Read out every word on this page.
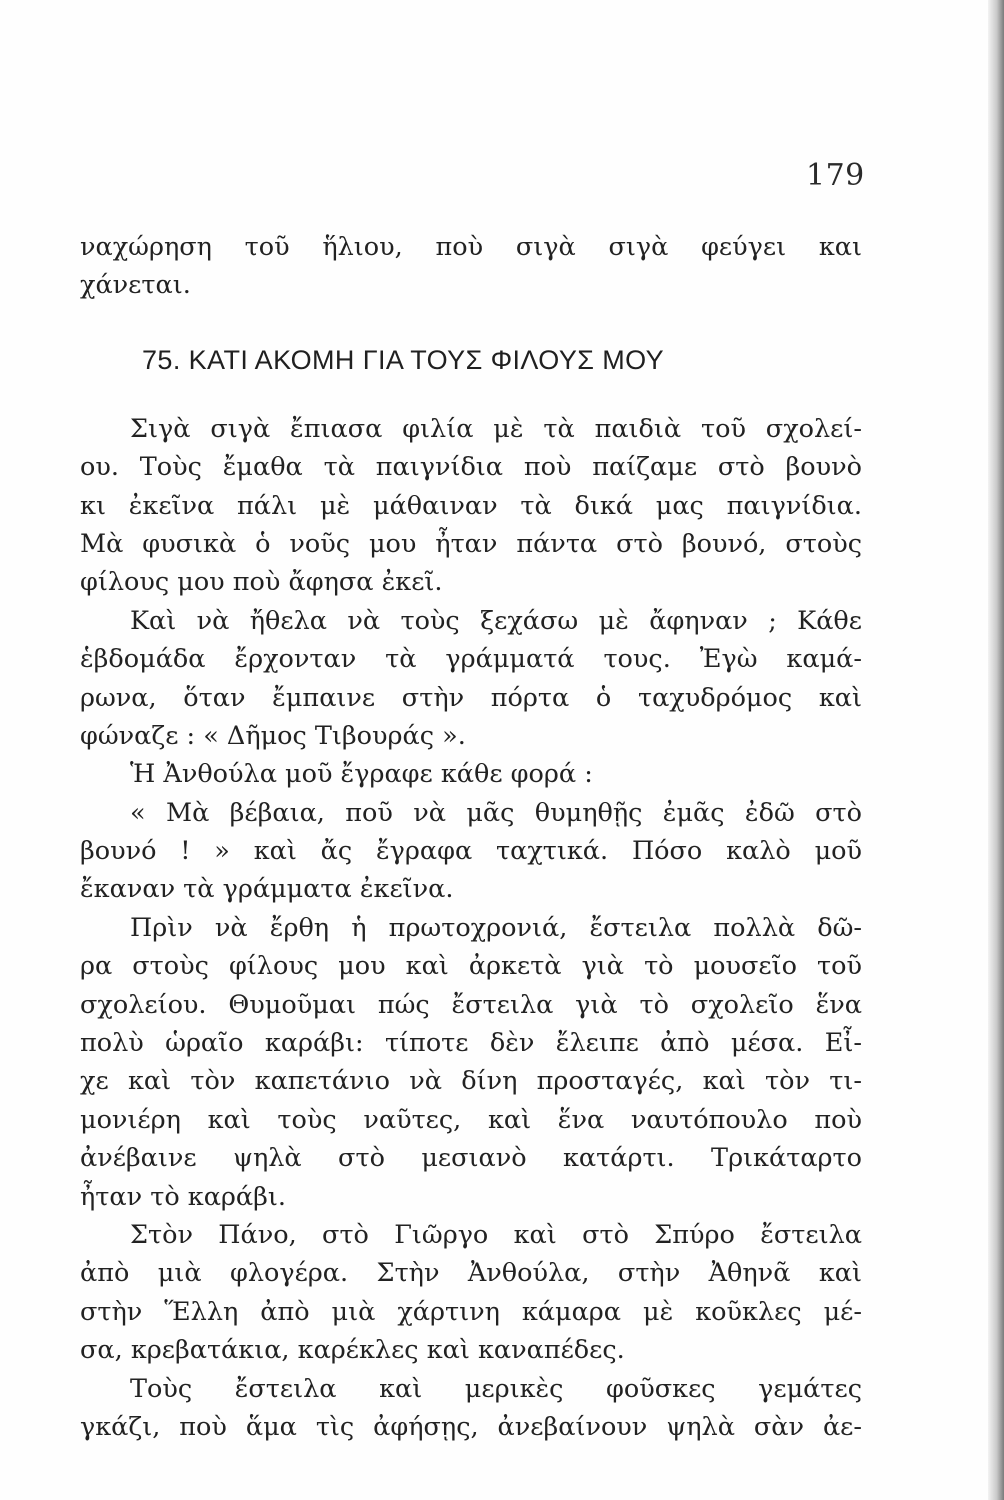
179
ναχώρηση τοῦ ἥλιου, ποὺ σιγὰ σιγὰ φεύγει και
χάνεται.
75. ΚΑΤΙ ΑΚΟΜΗ ΓΙΑ ΤΟΥΣ ΦΙΛΟΥΣ ΜΟΥ
Σιγὰ σιγὰ ἔπιασα φιλία μὲ τὰ παιδιὰ τοῦ σχολεί-
ου. Τοὺς ἔμαθα τὰ παιγνίδια ποὺ παίζαμε στὸ βουνὸ
κι ἐκεῖνα πάλι μὲ μάθαιναν τὰ δικά μας παιγνίδια.
Μὰ φυσικὰ ὁ νοῦς μου ἦταν πάντα στὸ βουνό, στοὺς
φίλους μου ποὺ ἄφησα ἐκεῖ.
Καὶ νὰ ἤθελα νὰ τοὺς ξεχάσω μὲ ἄφηναν ; Κάθε
ἑβδομάδα ἔρχονταν τὰ γράμματά τους. Ἐγὼ καμά-
ρωνα, ὅταν ἔμπαινε στὴν πόρτα ὁ ταχυδρόμος καὶ
φώναζε : « Δῆμος Τιβουράς ».
Ἡ Ἀνθούλα μοῦ ἔγραφε κάθε φορά :
« Μὰ βέβαια, ποῦ νὰ μᾶς θυμηθῇς ἐμᾶς ἐδῶ στὸ
βουνό ! » καὶ ἄς ἔγραφα ταχτικά. Πόσο καλὸ μοῦ
ἔκαναν τὰ γράμματα ἐκεῖνα.
Πρὶν νὰ ἔρθη ἡ πρωτοχρονιά, ἔστειλα πολλὰ δῶ-
ρα στοὺς φίλους μου καὶ ἀρκετὰ γιὰ τὸ μουσεῖο τοῦ
σχολείου. Θυμοῦμαι πώς ἔστειλα γιὰ τὸ σχολεῖο ἕνα
πολὺ ὡραῖο καράβι: τίποτε δὲν ἔλειπε ἀπὸ μέσα. Εἶ-
χε καὶ τὸν καπετάνιο νὰ δίνη προσταγές, καὶ τὸν τι-
μονιέρη καὶ τοὺς ναῦτες, καὶ ἕνα ναυτόπουλο ποὺ
ἀνέβαινε ψηλὰ στὸ μεσιανὸ κατάρτι. Τρικάταρτο
ἦταν τὸ καράβι.
Στὸν Πάνο, στὸ Γιῶργο καὶ στὸ Σπύρο ἔστειλα
ἀπὸ μιὰ φλογέρα. Στὴν Ἀνθούλα, στὴν Ἀθηνᾶ καὶ
στὴν Ἕλλη ἀπὸ μιὰ χάρτινη κάμαρα μὲ κοῦκλες μέ-
σα, κρεβατάκια, καρέκλες καὶ καναπέδες.
Τοὺς ἔστειλα καὶ μερικὲς φοῦσκες γεμάτες
γκάζι, ποὺ ἅμα τὶς ἀφήσῃς, ἀνεβαίνουν ψηλὰ σὰν ἀε-
